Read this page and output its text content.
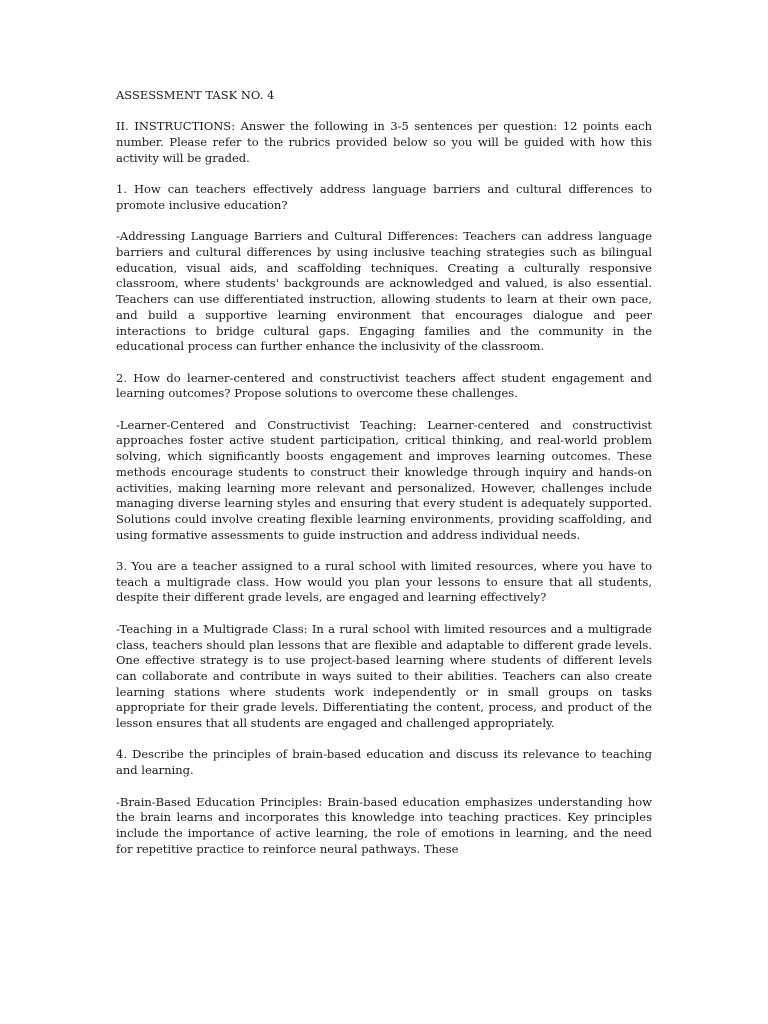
ASSESSMENT TASK NO. 4

II. INSTRUCTIONS: Answer the following in 3-5 sentences per question: 12 points each number. Please refer to the rubrics provided below so you will be guided with how this activity will be graded.

1. How can teachers effectively address language barriers and cultural differences to promote inclusive education?

-Addressing Language Barriers and Cultural Differences: Teachers can address language barriers and cultural differences by using inclusive teaching strategies such as bilingual education, visual aids, and scaffolding techniques. Creating a culturally responsive classroom, where students' backgrounds are acknowledged and valued, is also essential. Teachers can use differentiated instruction, allowing students to learn at their own pace, and build a supportive learning environment that encourages dialogue and peer interactions to bridge cultural gaps. Engaging families and the community in the educational process can further enhance the inclusivity of the classroom.

2. How do learner-centered and constructivist teachers affect student engagement and learning outcomes? Propose solutions to overcome these challenges.

-Learner-Centered and Constructivist Teaching: Learner-centered and constructivist approaches foster active student participation, critical thinking, and real-world problem solving, which significantly boosts engagement and improves learning outcomes. These methods encourage students to construct their knowledge through inquiry and hands-on activities, making learning more relevant and personalized. However, challenges include managing diverse learning styles and ensuring that every student is adequately supported. Solutions could involve creating flexible learning environments, providing scaffolding, and using formative assessments to guide instruction and address individual needs.

3. You are a teacher assigned to a rural school with limited resources, where you have to teach a multigrade class. How would you plan your lessons to ensure that all students, despite their different grade levels, are engaged and learning effectively?

-Teaching in a Multigrade Class: In a rural school with limited resources and a multigrade class, teachers should plan lessons that are flexible and adaptable to different grade levels. One effective strategy is to use project-based learning where students of different levels can collaborate and contribute in ways suited to their abilities. Teachers can also create learning stations where students work independently or in small groups on tasks appropriate for their grade levels. Differentiating the content, process, and product of the lesson ensures that all students are engaged and challenged appropriately.

4. Describe the principles of brain-based education and discuss its relevance to teaching and learning.

-Brain-Based Education Principles: Brain-based education emphasizes understanding how the brain learns and incorporates this knowledge into teaching practices. Key principles include the importance of active learning, the role of emotions in learning, and the need for repetitive practice to reinforce neural pathways. These
